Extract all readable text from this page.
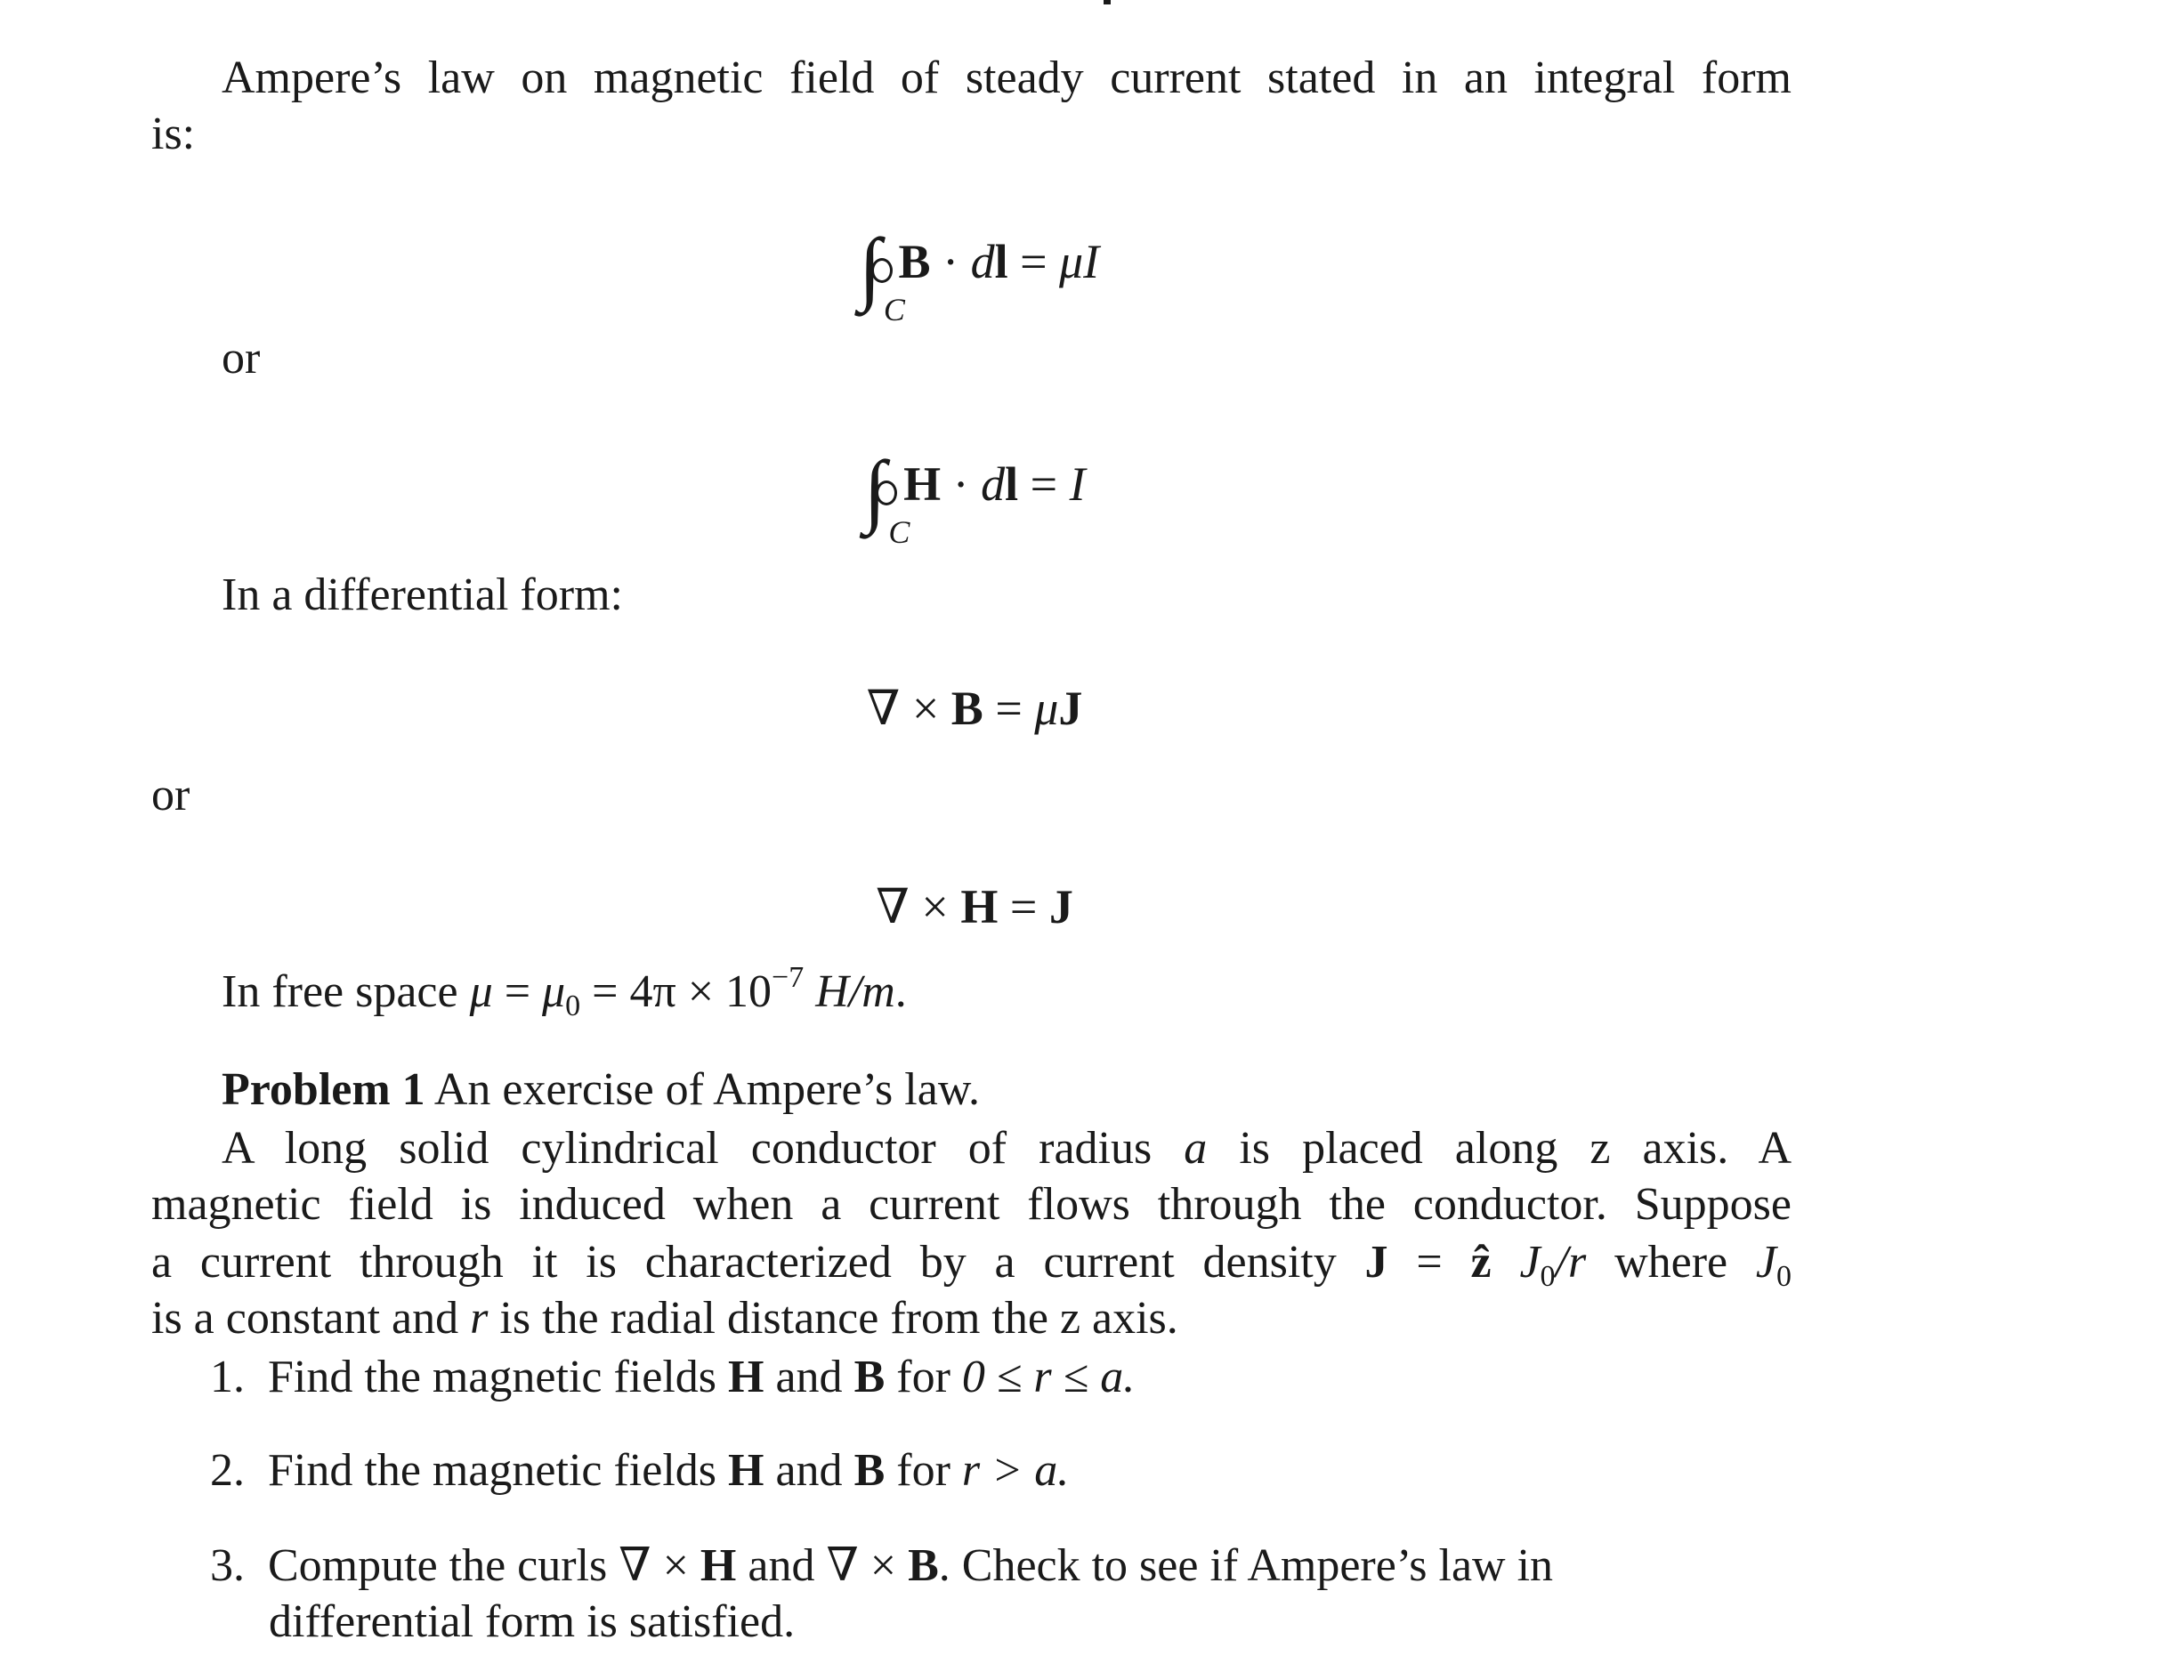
Ampere’s law on magnetic field of steady current stated in an integral form
is:
∫ C
B · dl = μI
or
∫ C
H · dl = I
In a differential form:
∇ × B = μJ
or
∇ × H = J
In free space $\mu = \mu 0 = 4\pi \times 10^{-7}$ H/m.
Problem 1 An exercise of Ampere’s law.
A long solid cylindrical conductor of radius a is placed along z axis. A
magnetic field is induced when a current flows through the conductor. Suppose
a current through it is characterized by a current density J = ẑ J0/r where J0
is a constant and r is the radial distance from the z axis.
1. Find the magnetic fields H and B for 0 ≤ r ≤ a.
2. Find the magnetic fields H and B for r > a.
3. Compute the curls ∇ × H and ∇ × B. Check to see if Ampere’s law in
differential form is satisfied.
